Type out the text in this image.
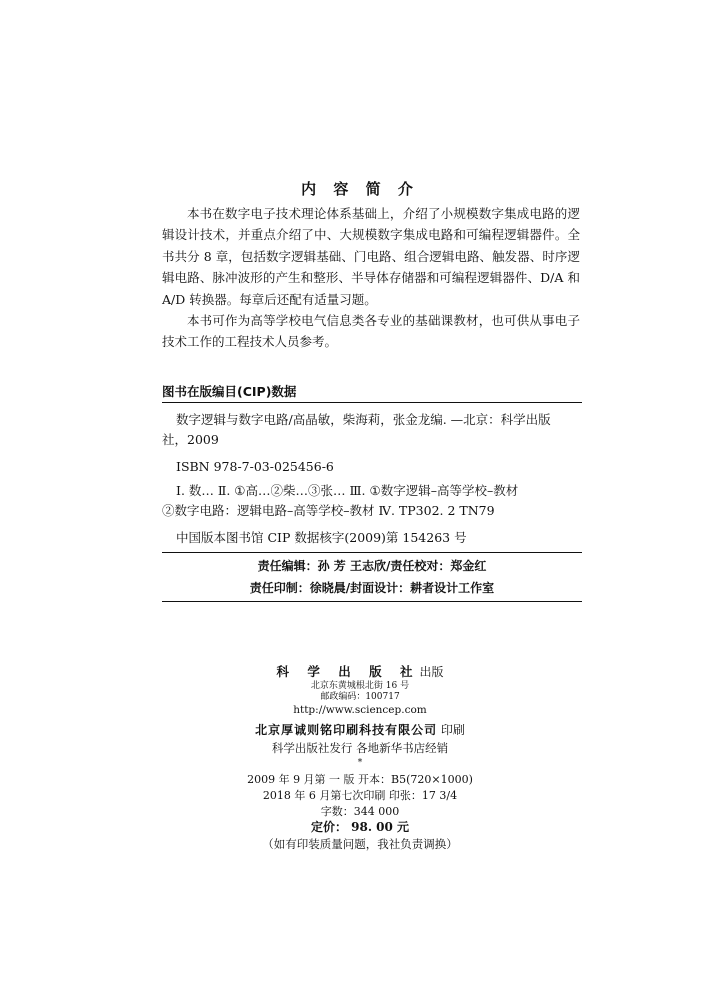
内 容 简 介

本书在数字电子技术理论体系基础上，介绍了小规模数字集成电路的逻辑设计技术，并重点介绍了中、大规模数字集成电路和可编程逻辑器件。全书共分 8 章，包括数字逻辑基础、门电路、组合逻辑电路、触发器、时序逻辑电路、脉冲波形的产生和整形、半导体存储器和可编程逻辑器件、D/A 和 A/D 转换器。每章后还配有适量习题。

本书可作为高等学校电气信息类各专业的基础课教材，也可供从事电子技术工作的工程技术人员参考。

图书在版编目(CIP)数据
数字逻辑与数字电路/高晶敏，柴海莉，张金龙编. —北京：科学出版
社，2009
ISBN 978-7-03-025456-6
Ⅰ. 数… Ⅱ. ①高…②柴…③张… Ⅲ. ①数字逻辑–高等学校–教材
②数字电路：逻辑电路–高等学校–教材 Ⅳ. TP302. 2 TN79
中国版本图书馆 CIP 数据核字(2009)第 154263 号
责任编辑：孙 芳 王志欣/责任校对：郑金红
责任印制：徐晓晨/封面设计：耕者设计工作室
科 学 出 版 社出版
北京东黄城根北街 16 号
邮政编码：100717
http://www.sciencep.com
北京厚诚则铭印刷科技有限公司 印刷
科学出版社发行 各地新华书店经销
*
2009 年 9 月第 一 版 开本：B5(720×1000)
2018 年 6 月第七次印刷 印张：17 3/4
字数：344 000
定价： 98. 00 元
（如有印装质量问题，我社负责调换）
